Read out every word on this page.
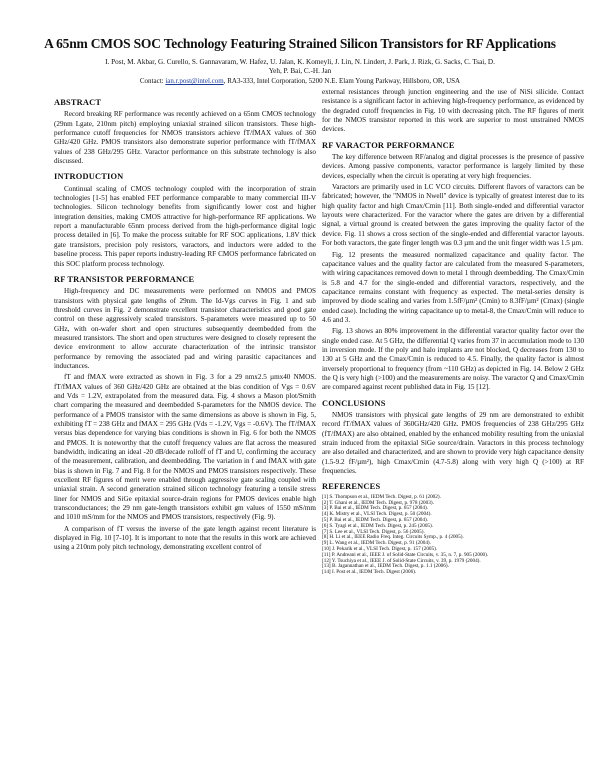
A 65nm CMOS SOC Technology Featuring Strained Silicon Transistors for RF Applications
I. Post, M. Akbar, G. Curello, S. Gannavaram, W. Hafez, U. Jalan, K. Komeyli, J. Lin, N. Lindert, J. Park, J. Rizk, G. Sacks, C. Tsai, D.
Yeh, P. Bai, C.-H. Jan
Contact: ian.r.post@intel.com, RA3-333, Intel Corporation, 5200 N.E. Elam Young Parkway, Hillsboro, OR, USA
ABSTRACT

Record breaking RF performance was recently achieved on a 65nm CMOS technology (29nm Lgate, 210nm pitch) employing uniaxial strained silicon transistors. These high-performance cutoff frequencies for NMOS transistors achieve fT/fMAX values of 360 GHz/420 GHz. PMOS transistors also demonstrate superior performance with fT/fMAX values of 238 GHz/295 GHz. Varactor performance on this substrate technology is also discussed.

INTRODUCTION

Continual scaling of CMOS technology coupled with the incorporation of strain technologies [1-5] has enabled FET performance comparable to many commercial III-V technologies. Silicon technology benefits from significantly lower cost and higher integration densities, making CMOS attractive for high-performance RF applications. We report a manufacturable 65nm process derived from the high-performance digital logic process detailed in [6]. To make the process suitable for RF SOC applications, 1.8V thick gate transistors, precision poly resistors, varactors, and inductors were added to the baseline process. This paper reports industry-leading RF CMOS performance fabricated on this SOC platform process technology.

RF TRANSISTOR PERFORMANCE

High-frequency and DC measurements were performed on NMOS and PMOS transistors with physical gate lengths of 29nm. The Id-Vgs curves in Fig. 1 and sub threshold curves in Fig. 2 demonstrate excellent transistor characteristics and good gate control on these aggressively scaled transistors. S-parameters were measured up to 50 GHz, with on-wafer short and open structures subsequently deembedded from the measured transistors. The short and open structures were designed to closely represent the device environment to allow accurate characterization of the intrinsic transistor performance by removing the associated pad and wiring parasitic capacitances and inductances.

fT and fMAX were extracted as shown in Fig. 3 for a 29 nmx2.5 µmx40 NMOS. fT/fMAX values of 360 GHz/420 GHz are obtained at the bias condition of Vgs = 0.6V and Vds = 1.2V, extrapolated from the measured data. Fig. 4 shows a Mason plot/Smith chart comparing the measured and deembedded S-parameters for the NMOS device. The performance of a PMOS transistor with the same dimensions as above is shown in Fig. 5, exhibiting fT = 238 GHz and fMAX = 295 GHz (Vds = -1.2V, Vgs = -0.6V). The fT/fMAX versus bias dependence for varying bias conditions is shown in Fig. 6 for both the NMOS and PMOS. It is noteworthy that the cutoff frequency values are flat across the measured bandwidth, indicating an ideal -20 dB/decade rolloff of fT and U, confirming the accuracy of the measurement, calibration, and deembedding. The variation in f and fMAX with gate bias is shown in Fig. 7 and Fig. 8 for the NMOS and PMOS transistors respectively. These excellent RF figures of merit were enabled through aggressive gate scaling coupled with uniaxial strain. A second generation strained silicon technology featuring a tensile stress liner for NMOS and SiGe epitaxial source-drain regions for PMOS devices enable high transconductances; the 29 nm gate-length transistors exhibit gm values of 1550 mS/mm and 1010 mS/mm for the NMOS and PMOS transistors, respectively (Fig. 9).

A comparison of fT versus the inverse of the gate length against recent literature is displayed in Fig. 10 [7-10]. It is important to note that the results in this work are achieved using a 210nm poly pitch technology, demonstrating excellent control of

external resistances through junction engineering and the use of NiSi silicide. Contact resistance is a significant factor in achieving high-frequency performance, as evidenced by the degraded cutoff frequencies in Fig. 10 with decreasing pitch. The RF figures of merit for the NMOS transistor reported in this work are superior to most unstrained NMOS devices.

RF VARACTOR PERFORMANCE

The key difference between RF/analog and digital processes is the presence of passive devices. Among passive components, varactor performance is largely limited by these devices, especially when the circuit is operating at very high frequencies.

Varactors are primarily used in LC VCO circuits. Different flavors of varactors can be fabricated; however, the "NMOS in Nwell" device is typically of greatest interest due to its high quality factor and high Cmax/Cmin [11]. Both single-ended and differential varactor layouts were characterized. For the varactor where the gates are driven by a differential signal, a virtual ground is created between the gates improving the quality factor of the device. Fig. 11 shows a cross section of the single-ended and differential varactor layouts. For both varactors, the gate finger length was 0.3 µm and the unit finger width was 1.5 µm.

Fig. 12 presents the measured normalized capacitance and quality factor. The capacitance values and the quality factor are calculated from the measured S-parameters, with wiring capacitances removed down to metal 1 through deembedding. The Cmax/Cmin is 5.8 and 4.7 for the single-ended and differential varactors, respectively, and the capacitance remains constant with frequency as expected. The metal-series density is improved by diode scaling and varies from 1.5fF/µm² (Cmin) to 8.3fF/µm² (Cmax) (single ended case). Including the wiring capacitance up to metal-8, the Cmax/Cmin will reduce to 4.6 and 3.

Fig. 13 shows an 80% improvement in the differential varactor quality factor over the single ended case. At 5 GHz, the differential Q varies from 37 in accumulation mode to 130 in inversion mode. If the poly and halo implants are not blocked, Q decreases from 130 to 130 at 5 GHz and the Cmax/Cmin is reduced to 4.5. Finally, the quality factor is almost inversely proportional to frequency (from ~110 GHz) as depicted in Fig. 14. Below 2 GHz the Q is very high (>100) and the measurements are noisy. The varactor Q and Cmax/Cmin are compared against recent published data in Fig. 15 [12].

CONCLUSIONS

NMOS transistors with physical gate lengths of 29 nm are demonstrated to exhibit record fT/fMAX values of 360GHz/420 GHz. PMOS frequencies of 238 GHz/295 GHz (fT/fMAX) are also obtained, enabled by the enhanced mobility resulting from the uniaxial strain induced from the epitaxial SiGe source/drain. Varactors in this process technology are also detailed and characterized, and are shown to provide very high capacitance density (1.5-9.2 fF/µm²), high Cmax/Cmin (4.7-5.8) along with very high Q (>100) at RF frequencies.

REFERENCES
[1] S. Thompson et al., IEDM Tech. Digest, p. 61 (2002).
[2] T. Ghani et al., IEDM Tech. Digest, p. 978 (2003).
[3] P. Bai et al., IEDM Tech. Digest, p. 657 (2004).
[4] K. Mistry et al., VLSI Tech. Digest, p. 50 (2004).
[5] P. Bai et al., IEDM Tech. Digest, p. 657 (2004).
[6] S. Tyagi et al., IEDM Tech. Digest, p. 245 (2005).
[7] S. Lee et al., VLSI Tech. Digest, p. 56 (2005).
[8] H. Li et al., IEEE Radio Freq. Integ. Circuits Symp., p. 4 (2005).
[9] L. Wang et al., IEDM Tech. Digest, p. 91 (2004).
[10] J. Pekarik et al., VLSI Tech. Digest, p. 157 (2005).
[11] P. Andreani et al., IEEE J. of Solid-State Circuits, v. 35, n. 7, p. 905 (2000).
[12] Y. Tsuchiya et al., IEEE J. of Solid-State Circuits, v. 39, p. 1979 (2004).
[13] B. Jagannathan et al., IEDM Tech. Digest, p. 1.1 (2006).
[14] I. Post et al., IEDM Tech. Digest (2006).
